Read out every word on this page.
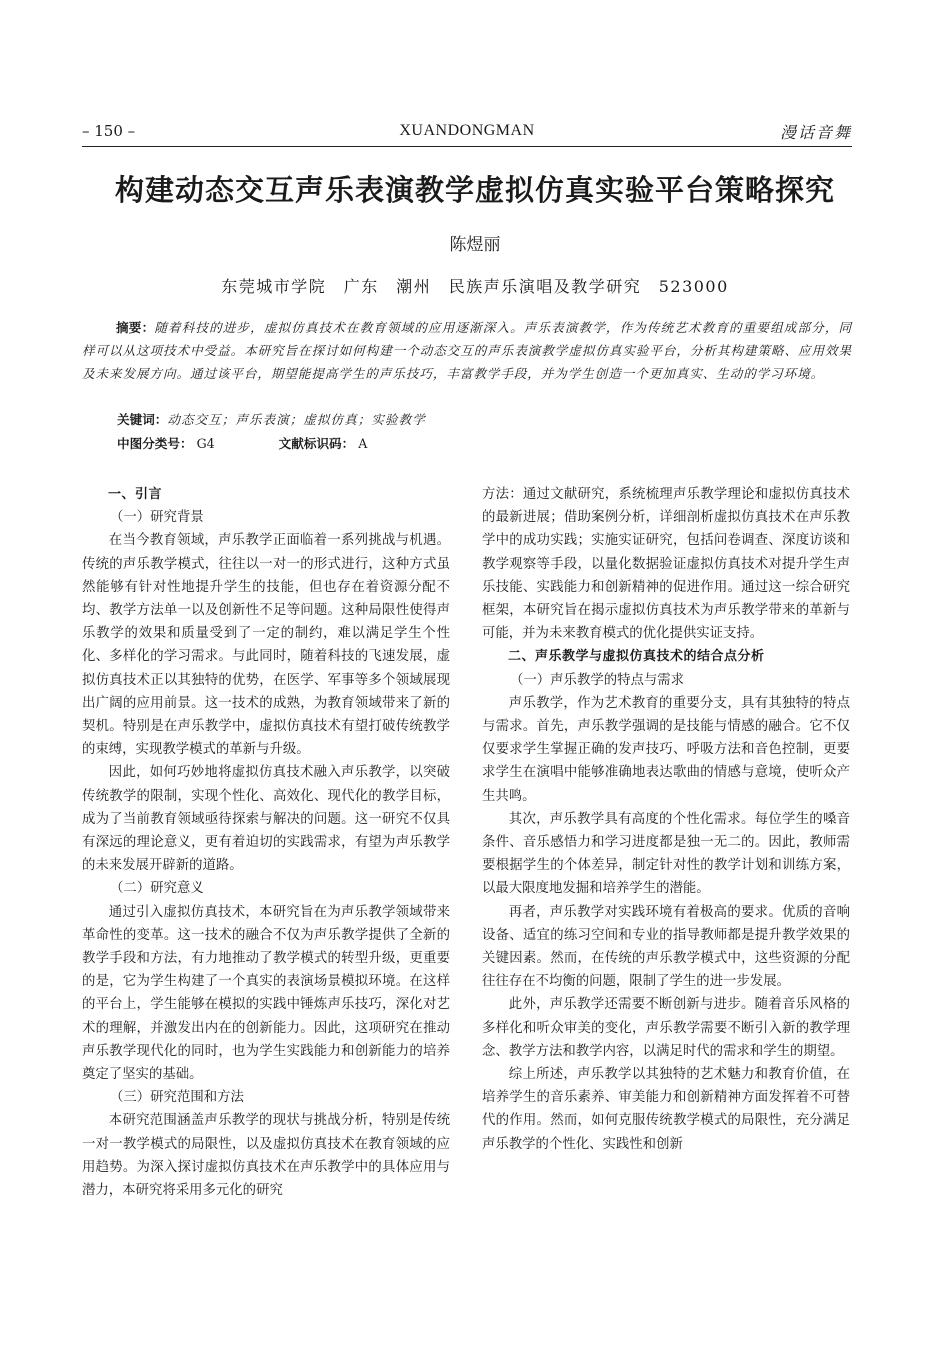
– 150 –	XUANDONGMAN	漫话音舞
构建动态交互声乐表演教学虚拟仿真实验平台策略探究
陈煜丽
东莞城市学院　广东　潮州　民族声乐演唱及教学研究　523000

摘要：随着科技的进步，虚拟仿真技术在教育领域的应用逐渐深入。声乐表演教学，作为传统艺术教育的重要组成部分，同样可以从这项技术中受益。本研究旨在探讨如何构建一个动态交互的声乐表演教学虚拟仿真实验平台，分析其构建策略、应用效果及未来发展方向。通过该平台，期望能提高学生的声乐技巧，丰富教学手段，并为学生创造一个更加真实、生动的学习环境。

关键词：动态交互；声乐表演；虚拟仿真；实验教学
中图分类号： G4	文献标识码： A
一、引言
（一）研究背景

在当今教育领域，声乐教学正面临着一系列挑战与机遇。传统的声乐教学模式，往往以一对一的形式进行，这种方式虽然能够有针对性地提升学生的技能，但也存在着资源分配不均、教学方法单一以及创新性不足等问题。这种局限性使得声乐教学的效果和质量受到了一定的制约，难以满足学生个性化、多样化的学习需求。与此同时，随着科技的飞速发展，虚拟仿真技术正以其独特的优势，在医学、军事等多个领域展现出广阔的应用前景。这一技术的成熟，为教育领域带来了新的契机。特别是在声乐教学中，虚拟仿真技术有望打破传统教学的束缚，实现教学模式的革新与升级。

因此，如何巧妙地将虚拟仿真技术融入声乐教学，以突破传统教学的限制，实现个性化、高效化、现代化的教学目标，成为了当前教育领域亟待探索与解决的问题。这一研究不仅具有深远的理论意义，更有着迫切的实践需求，有望为声乐教学的未来发展开辟新的道路。

（二）研究意义

通过引入虚拟仿真技术，本研究旨在为声乐教学领域带来革命性的变革。这一技术的融合不仅为声乐教学提供了全新的教学手段和方法，有力地推动了教学模式的转型升级，更重要的是，它为学生构建了一个真实的表演场景模拟环境。在这样的平台上，学生能够在模拟的实践中锤炼声乐技巧，深化对艺术的理解，并激发出内在的创新能力。因此，这项研究在推动声乐教学现代化的同时，也为学生实践能力和创新能力的培养奠定了坚实的基础。

（三）研究范围和方法

本研究范围涵盖声乐教学的现状与挑战分析，特别是传统一对一教学模式的局限性，以及虚拟仿真技术在教育领域的应用趋势。为深入探讨虚拟仿真技术在声乐教学中的具体应用与潜力，本研究将采用多元化的研究

方法：通过文献研究，系统梳理声乐教学理论和虚拟仿真技术的最新进展；借助案例分析，详细剖析虚拟仿真技术在声乐教学中的成功实践；实施实证研究，包括问卷调查、深度访谈和教学观察等手段，以量化数据验证虚拟仿真技术对提升学生声乐技能、实践能力和创新精神的促进作用。通过这一综合研究框架，本研究旨在揭示虚拟仿真技术为声乐教学带来的革新与可能，并为未来教育模式的优化提供实证支持。

二、声乐教学与虚拟仿真技术的结合点分析
（一）声乐教学的特点与需求

声乐教学，作为艺术教育的重要分支，具有其独特的特点与需求。首先，声乐教学强调的是技能与情感的融合。它不仅仅要求学生掌握正确的发声技巧、呼吸方法和音色控制，更要求学生在演唱中能够准确地表达歌曲的情感与意境，使听众产生共鸣。

其次，声乐教学具有高度的个性化需求。每位学生的嗓音条件、音乐感悟力和学习进度都是独一无二的。因此，教师需要根据学生的个体差异，制定针对性的教学计划和训练方案，以最大限度地发掘和培养学生的潜能。

再者，声乐教学对实践环境有着极高的要求。优质的音响设备、适宜的练习空间和专业的指导教师都是提升教学效果的关键因素。然而，在传统的声乐教学模式中，这些资源的分配往往存在不均衡的问题，限制了学生的进一步发展。

此外，声乐教学还需要不断创新与进步。随着音乐风格的多样化和听众审美的变化，声乐教学需要不断引入新的教学理念、教学方法和教学内容，以满足时代的需求和学生的期望。

综上所述，声乐教学以其独特的艺术魅力和教育价值，在培养学生的音乐素养、审美能力和创新精神方面发挥着不可替代的作用。然而，如何克服传统教学模式的局限性，充分满足声乐教学的个性化、实践性和创新
